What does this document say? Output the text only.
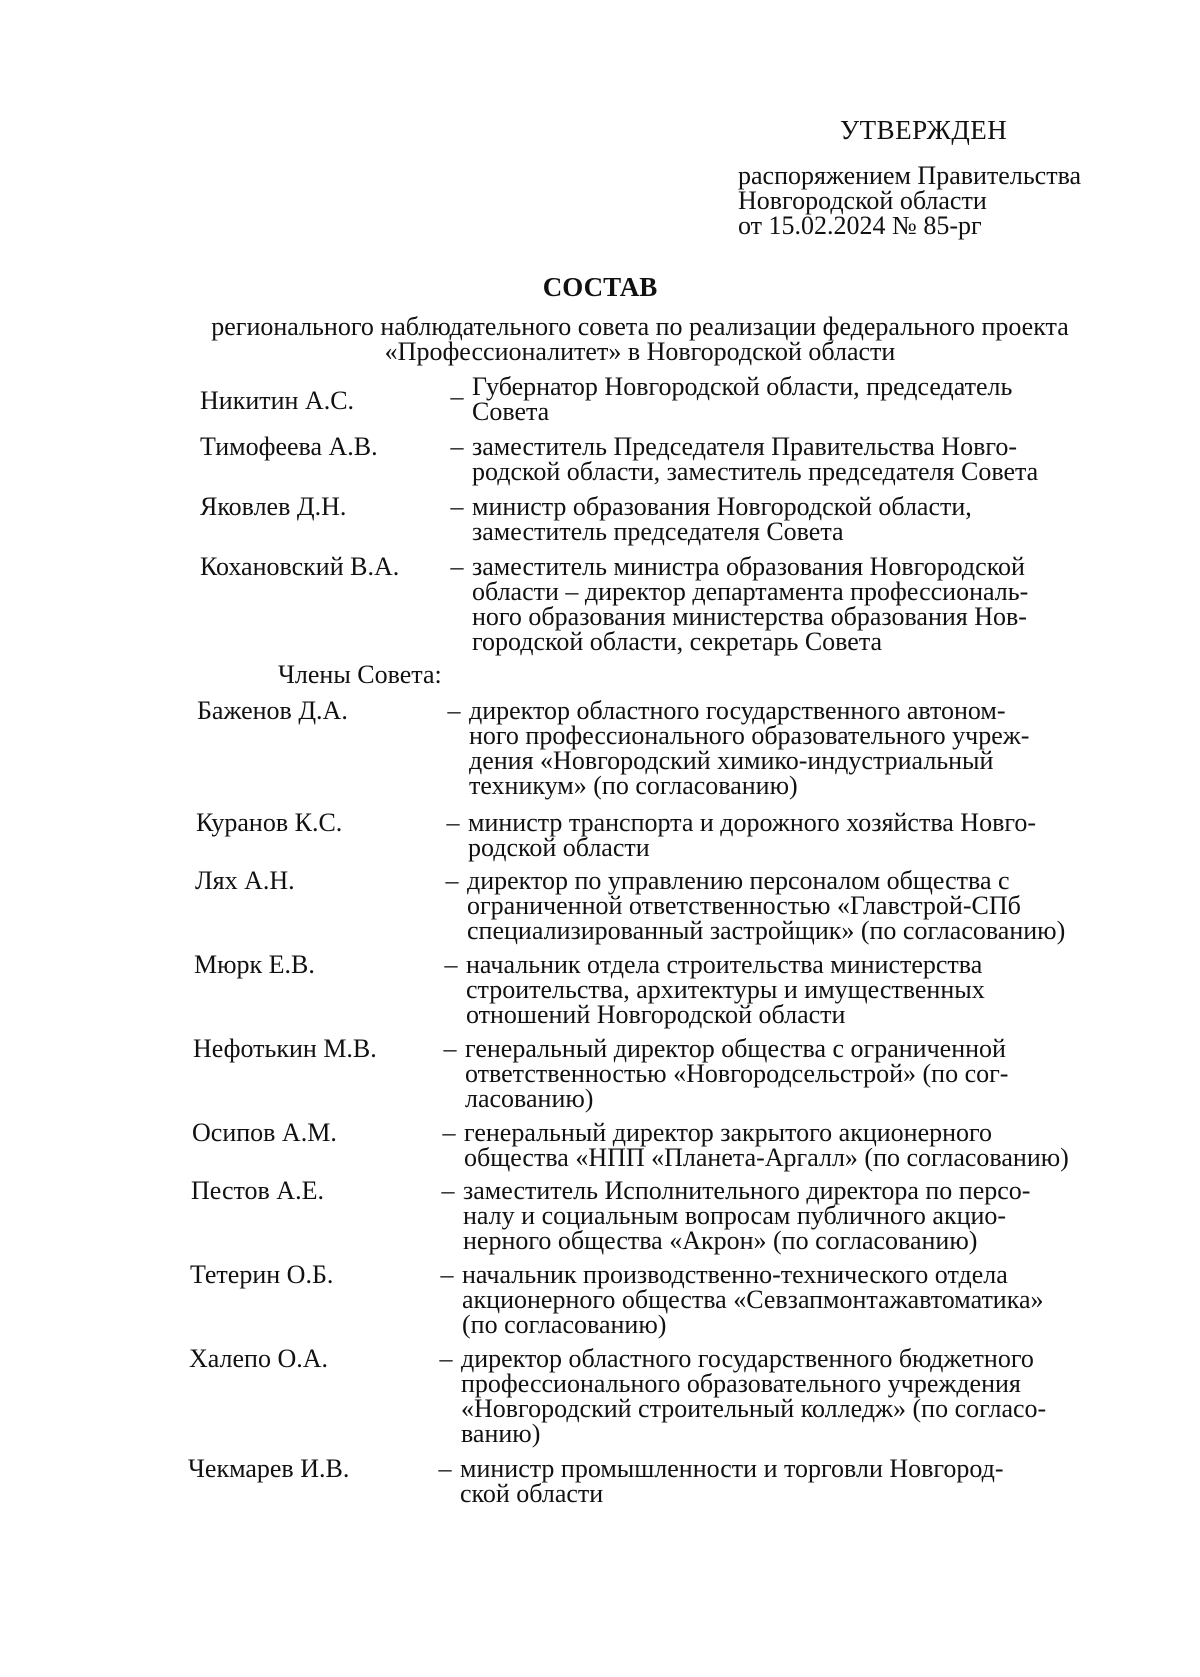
УТВЕРЖДЕН
распоряжением Правительства
Новгородской области
от 15.02.2024 № 85-рг
СОСТАВ
регионального наблюдательного совета по реализации федерального проекта
«Профессионалитет» в Новгородской области
Никитин А.С.	– Губернатор Новгородской области, председатель
Совета
Тимофеева А.В.	– заместитель Председателя Правительства Новго-
родской области, заместитель председателя Совета
Яковлев Д.Н.	– министр образования Новгородской области,
заместитель председателя Совета
Кохановский В.А.	– заместитель министра образования Новгородской
области – директор департамента профессиональ-
ного образования министерства образования Нов-
городской области, секретарь Совета
Члены Совета:
Баженов Д.А.	– директор областного государственного автоном-
ного профессионального образовательного учреж-
дения «Новгородский химико-индустриальный
техникум» (по согласованию)
Куранов К.С.	– министр транспорта и дорожного хозяйства Новго-
родской области
Лях А.Н.	– директор по управлению персоналом общества с
ограниченной ответственностью «Главстрой-СПб
специализированный застройщик» (по согласованию)
Мюрк Е.В.	– начальник отдела строительства министерства
строительства, архитектуры и имущественных
отношений Новгородской области
Нефотькин М.В.	– генеральный директор общества с ограниченной
ответственностью «Новгородсельстрой» (по сог-
ласованию)
Осипов А.М.	– генеральный директор закрытого акционерного
общества «НПП «Планета-Аргалл» (по согласованию)
Пестов А.Е.	– заместитель Исполнительного директора по персо-
налу и социальным вопросам публичного акцио-
нерного общества «Акрон» (по согласованию)
Тетерин О.Б.	– начальник производственно-технического отдела
акционерного общества «Севзапмонтажавтоматика»
(по согласованию)
Халепо О.А.	– директор областного государственного бюджетного
профессионального образовательного учреждения
«Новгородский строительный колледж» (по согласо-
ванию)
Чекмарев И.В.	– министр промышленности и торговли Новгород-
ской области
